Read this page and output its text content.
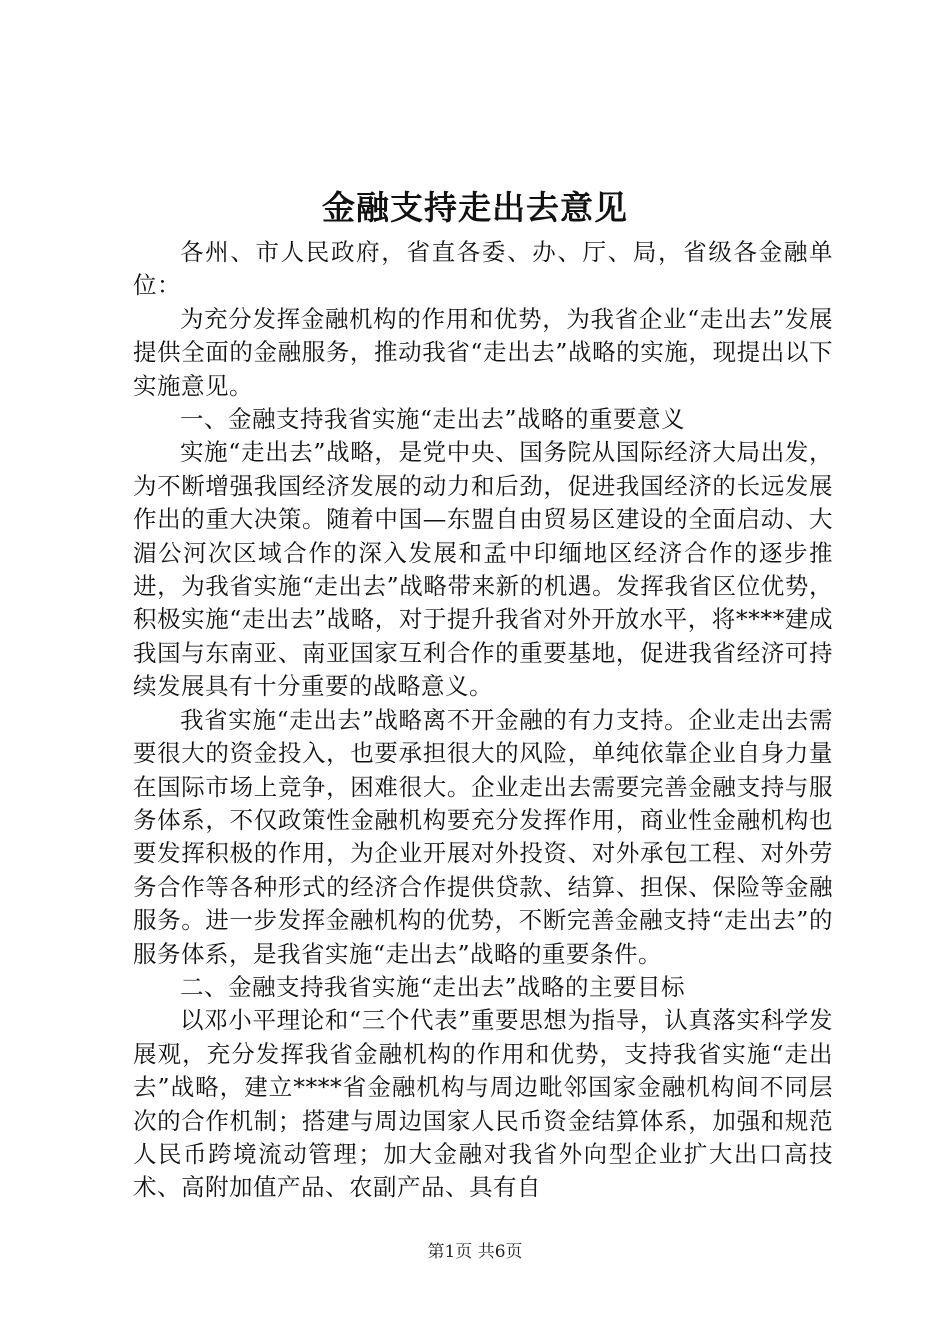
金融支持走出去意见

各州、市人民政府，省直各委、办、厅、局，省级各金融单位：

为充分发挥金融机构的作用和优势，为我省企业“走出去”发展提供全面的金融服务，推动我省“走出去”战略的实施，现提出以下实施意见。

一、金融支持我省实施“走出去”战略的重要意义

实施“走出去”战略，是党中央、国务院从国际经济大局出发，为不断增强我国经济发展的动力和后劲，促进我国经济的长远发展作出的重大决策。随着中国—东盟自由贸易区建设的全面启动、大湄公河次区域合作的深入发展和孟中印缅地区经济合作的逐步推进，为我省实施“走出去”战略带来新的机遇。发挥我省区位优势，积极实施“走出去”战略，对于提升我省对外开放水平，将****建成我国与东南亚、南亚国家互利合作的重要基地，促进我省经济可持续发展具有十分重要的战略意义。

我省实施“走出去”战略离不开金融的有力支持。企业走出去需要很大的资金投入，也要承担很大的风险，单纯依靠企业自身力量在国际市场上竞争，困难很大。企业走出去需要完善金融支持与服务体系，不仅政策性金融机构要充分发挥作用，商业性金融机构也要发挥积极的作用，为企业开展对外投资、对外承包工程、对外劳务合作等各种形式的经济合作提供贷款、结算、担保、保险等金融服务。进一步发挥金融机构的优势，不断完善金融支持“走出去”的服务体系，是我省实施“走出去”战略的重要条件。

二、金融支持我省实施“走出去”战略的主要目标

以邓小平理论和“三个代表”重要思想为指导，认真落实科学发展观，充分发挥我省金融机构的作用和优势，支持我省实施“走出去”战略，建立****省金融机构与周边毗邻国家金融机构间不同层次的合作机制；搭建与周边国家人民币资金结算体系，加强和规范人民币跨境流动管理；加大金融对我省外向型企业扩大出口高技术、高附加值产品、农副产品、具有自

第1页 共6页
